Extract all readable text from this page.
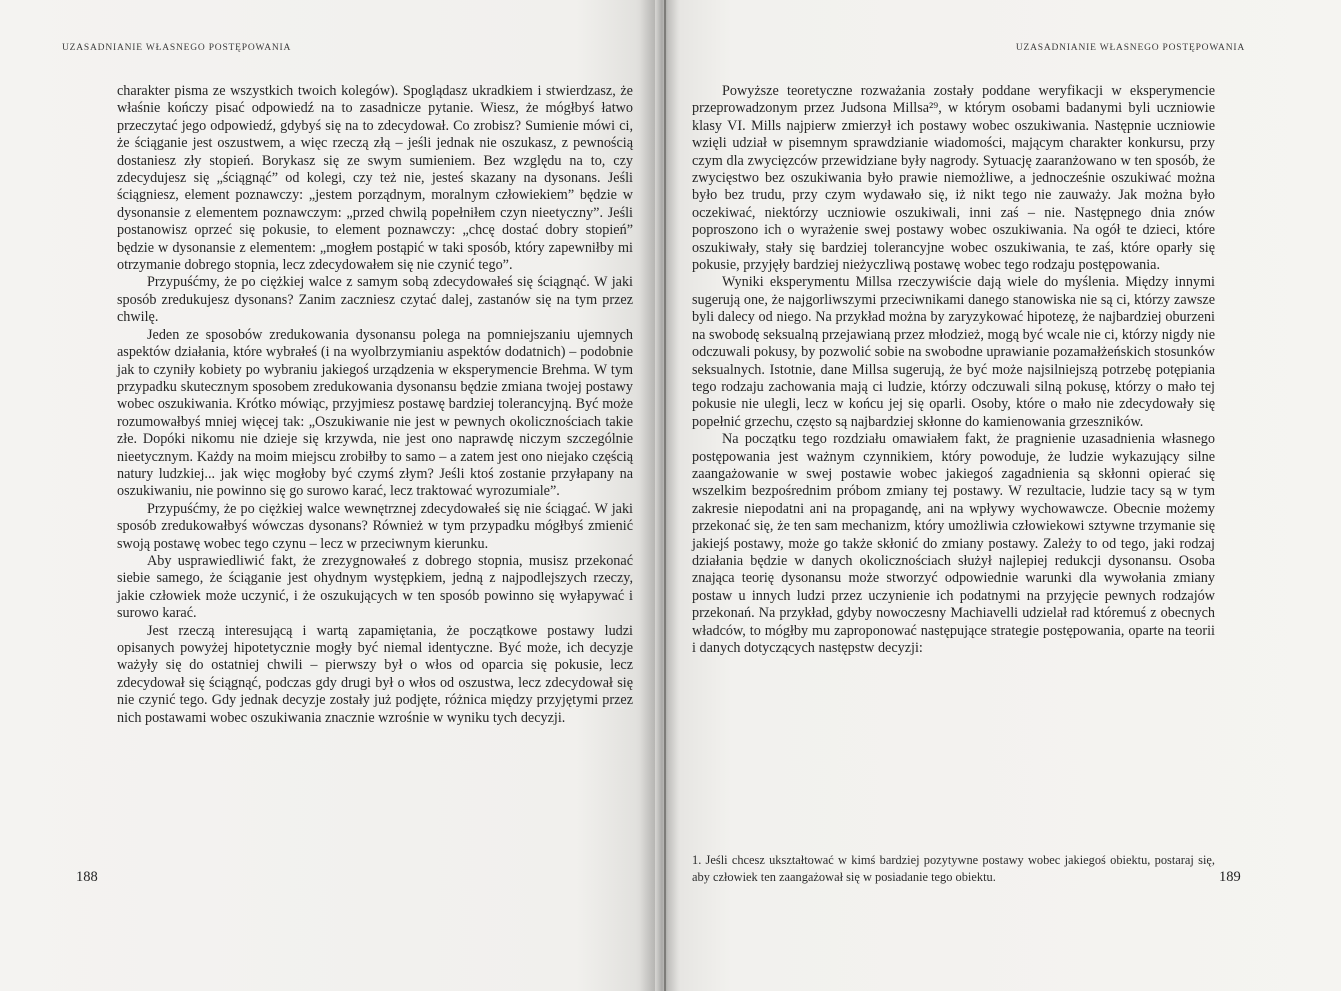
UZASADNIANIE WŁASNEGO POSTĘPOWANIA

charakter pisma ze wszystkich twoich kolegów). Spoglądasz ukradkiem i stwierdzasz, że właśnie kończy pisać odpowiedź na to zasadnicze pytanie. Wiesz, że mógłbyś łatwo przeczytać jego odpowiedź, gdybyś się na to zdecydował. Co zrobisz? Sumienie mówi ci, że ściąganie jest oszustwem, a więc rzeczą złą – jeśli jednak nie oszukasz, z pewnością dostaniesz zły stopień. Borykasz się ze swym sumieniem. Bez względu na to, czy zdecydujesz się „ściągnąć” od kolegi, czy też nie, jesteś skazany na dysonans. Jeśli ściągniesz, element poznawczy: „jestem porządnym, moralnym człowiekiem” będzie w dysonansie z elementem poznawczym: „przed chwilą popełniłem czyn nieetyczny”. Jeśli postanowisz oprzeć się pokusie, to element poznawczy: „chcę dostać dobry stopień” będzie w dysonansie z elementem: „mogłem postąpić w taki sposób, który zapewniłby mi otrzymanie dobrego stopnia, lecz zdecydowałem się nie czynić tego”.

Przypuśćmy, że po ciężkiej walce z samym sobą zdecydowałeś się ściągnąć. W jaki sposób zredukujesz dysonans? Zanim zaczniesz czytać dalej, zastanów się na tym przez chwilę.

Jeden ze sposobów zredukowania dysonansu polega na pomniejszaniu ujemnych aspektów działania, które wybrałeś (i na wyolbrzymianiu aspektów dodatnich) – podobnie jak to czyniły kobiety po wybraniu jakiegoś urządzenia w eksperymencie Brehma. W tym przypadku skutecznym sposobem zredukowania dysonansu będzie zmiana twojej postawy wobec oszukiwania. Krótko mówiąc, przyjmiesz postawę bardziej tolerancyjną. Być może rozumowałbyś mniej więcej tak: „Oszukiwanie nie jest w pewnych okolicznościach takie złe. Dopóki nikomu nie dzieje się krzywda, nie jest ono naprawdę niczym szczególnie nieetycznym. Każdy na moim miejscu zrobiłby to samo – a zatem jest ono niejako częścią natury ludzkiej... jak więc mogłoby być czymś złym? Jeśli ktoś zostanie przyłapany na oszukiwaniu, nie powinno się go surowo karać, lecz traktować wyrozumiale”.

Przypuśćmy, że po ciężkiej walce wewnętrznej zdecydowałeś się nie ściągać. W jaki sposób zredukowałbyś wówczas dysonans? Również w tym przypadku mógłbyś zmienić swoją postawę wobec tego czynu – lecz w przeciwnym kierunku.

Aby usprawiedliwić fakt, że zrezygnowałeś z dobrego stopnia, musisz przekonać siebie samego, że ściąganie jest ohydnym występkiem, jedną z najpodlejszych rzeczy, jakie człowiek może uczynić, i że oszukujących w ten sposób powinno się wyłapywać i surowo karać.

Jest rzeczą interesującą i wartą zapamiętania, że początkowe postawy ludzi opisanych powyżej hipotetycznie mogły być niemal identyczne. Być może, ich decyzje ważyły się do ostatniej chwili – pierwszy był o włos od oparcia się pokusie, lecz zdecydował się ściągnąć, podczas gdy drugi był o włos od oszustwa, lecz zdecydował się nie czynić tego. Gdy jednak decyzje zostały już podjęte, różnica między przyjętymi przez nich postawami wobec oszukiwania znacznie wzrośnie w wyniku tych decyzji.

188
UZASADNIANIE WŁASNEGO POSTĘPOWANIA

Powyższe teoretyczne rozważania zostały poddane weryfikacji w eksperymencie przeprowadzonym przez Judsona Millsa²⁹, w którym osobami badanymi byli uczniowie klasy VI. Mills najpierw zmierzył ich postawy wobec oszukiwania. Następnie uczniowie wzięli udział w pisemnym sprawdzianie wiadomości, mającym charakter konkursu, przy czym dla zwycięzców przewidziane były nagrody. Sytuację zaaranżowano w ten sposób, że zwycięstwo bez oszukiwania było prawie niemożliwe, a jednocześnie oszukiwać można było bez trudu, przy czym wydawało się, iż nikt tego nie zauważy. Jak można było oczekiwać, niektórzy uczniowie oszukiwali, inni zaś – nie. Następnego dnia znów poproszono ich o wyrażenie swej postawy wobec oszukiwania. Na ogół te dzieci, które oszukiwały, stały się bardziej tolerancyjne wobec oszukiwania, te zaś, które oparły się pokusie, przyjęły bardziej nieżyczliwą postawę wobec tego rodzaju postępowania.

Wyniki eksperymentu Millsa rzeczywiście dają wiele do myślenia. Między innymi sugerują one, że najgorliwszymi przeciwnikami danego stanowiska nie są ci, którzy zawsze byli dalecy od niego. Na przykład można by zaryzykować hipotezę, że najbardziej oburzeni na swobodę seksualną przejawianą przez młodzież, mogą być wcale nie ci, którzy nigdy nie odczuwali pokusy, by pozwolić sobie na swobodne uprawianie pozamałżeńskich stosunków seksualnych. Istotnie, dane Millsa sugerują, że być może najsilniejszą potrzebę potępiania tego rodzaju zachowania mają ci ludzie, którzy odczuwali silną pokusę, którzy o mało tej pokusie nie ulegli, lecz w końcu jej się oparli. Osoby, które o mało nie zdecydowały się popełnić grzechu, często są najbardziej skłonne do kamienowania grzeszników.

Na początku tego rozdziału omawiałem fakt, że pragnienie uzasadnienia własnego postępowania jest ważnym czynnikiem, który powoduje, że ludzie wykazujący silne zaangażowanie w swej postawie wobec jakiegoś zagadnienia są skłonni opierać się wszelkim bezpośrednim próbom zmiany tej postawy. W rezultacie, ludzie tacy są w tym zakresie niepodatni ani na propagandę, ani na wpływy wychowawcze. Obecnie możemy przekonać się, że ten sam mechanizm, który umożliwia człowiekowi sztywne trzymanie się jakiejś postawy, może go także skłonić do zmiany postawy. Zależy to od tego, jaki rodzaj działania będzie w danych okolicznościach służył najlepiej redukcji dysonansu. Osoba znająca teorię dysonansu może stworzyć odpowiednie warunki dla wywołania zmiany postaw u innych ludzi przez uczynienie ich podatnymi na przyjęcie pewnych rodzajów przekonań. Na przykład, gdyby nowoczesny Machiavelli udzielał rad któremuś z obecnych władców, to mógłby mu zaproponować następujące strategie postępowania, oparte na teorii i danych dotyczących następstw decyzji:

1. Jeśli chcesz ukształtować w kimś bardziej pozytywne postawy wobec jakiegoś obiektu, postaraj się, aby człowiek ten zaangażował się w posiadanie tego obiektu.	189
